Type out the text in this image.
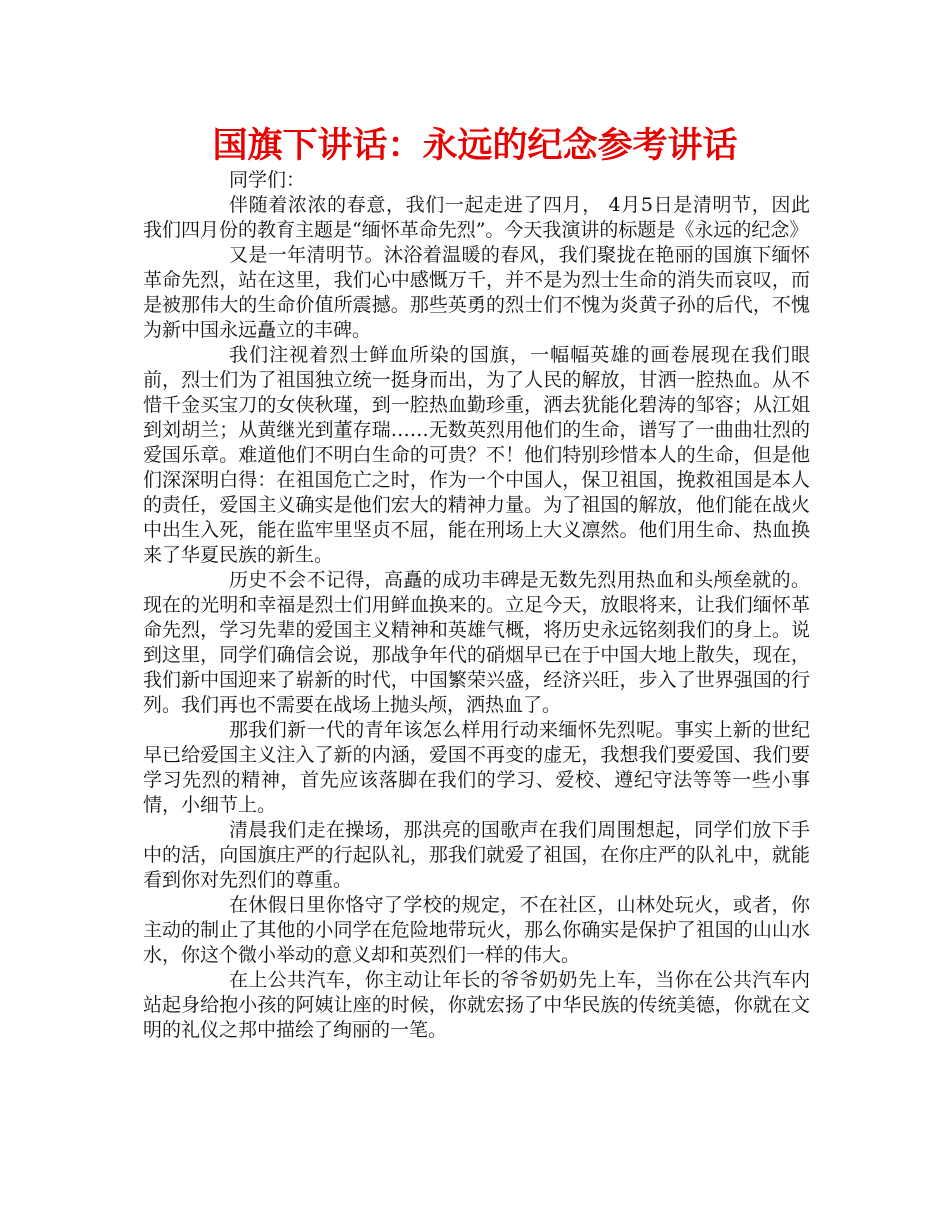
国旗下讲话：永远的纪念参考讲话

同学们：

伴随着浓浓的春意，我们一起走进了四月， 4月5日是清明节，因此我们四月份的教育主题是“缅怀革命先烈”。今天我演讲的标题是《永远的纪念》

又是一年清明节。沐浴着温暖的春风，我们聚拢在艳丽的国旗下缅怀革命先烈，站在这里，我们心中感慨万千，并不是为烈士生命的消失而哀叹，而是被那伟大的生命价值所震撼。那些英勇的烈士们不愧为炎黄子孙的后代，不愧为新中国永远矗立的丰碑。

我们注视着烈士鲜血所染的国旗，一幅幅英雄的画卷展现在我们眼前，烈士们为了祖国独立统一挺身而出，为了人民的解放，甘洒一腔热血。从不惜千金买宝刀的女侠秋瑾，到一腔热血勤珍重，洒去犹能化碧涛的邹容；从江姐到刘胡兰；从黄继光到董存瑞……无数英烈用他们的生命，谱写了一曲曲壮烈的爱国乐章。难道他们不明白生命的可贵？不！他们特别珍惜本人的生命，但是他们深深明白得：在祖国危亡之时，作为一个中国人，保卫祖国，挽救祖国是本人的责任，爱国主义确实是他们宏大的精神力量。为了祖国的解放，他们能在战火中出生入死，能在监牢里坚贞不屈，能在刑场上大义凛然。他们用生命、热血换来了华夏民族的新生。

历史不会不记得，高矗的成功丰碑是无数先烈用热血和头颅垒就的。现在的光明和幸福是烈士们用鲜血换来的。立足今天，放眼将来，让我们缅怀革命先烈，学习先辈的爱国主义精神和英雄气概，将历史永远铭刻我们的身上。说到这里，同学们确信会说，那战争年代的硝烟早已在于中国大地上散失，现在，我们新中国迎来了崭新的时代，中国繁荣兴盛，经济兴旺，步入了世界强国的行列。我们再也不需要在战场上抛头颅，洒热血了。

那我们新一代的青年该怎么样用行动来缅怀先烈呢。事实上新的世纪早已给爱国主义注入了新的内涵，爱国不再变的虚无，我想我们要爱国、我们要学习先烈的精神，首先应该落脚在我们的学习、爱校、遵纪守法等等一些小事情，小细节上。

清晨我们走在操场，那洪亮的国歌声在我们周围想起，同学们放下手中的活，向国旗庄严的行起队礼，那我们就爱了祖国，在你庄严的队礼中，就能看到你对先烈们的尊重。

在休假日里你恪守了学校的规定，不在社区，山林处玩火，或者，你主动的制止了其他的小同学在危险地带玩火，那么你确实是保护了祖国的山山水水，你这个微小举动的意义却和英烈们一样的伟大。

在上公共汽车，你主动让年长的爷爷奶奶先上车，当你在公共汽车内站起身给抱小孩的阿姨让座的时候，你就宏扬了中华民族的传统美德，你就在文明的礼仪之邦中描绘了绚丽的一笔。
